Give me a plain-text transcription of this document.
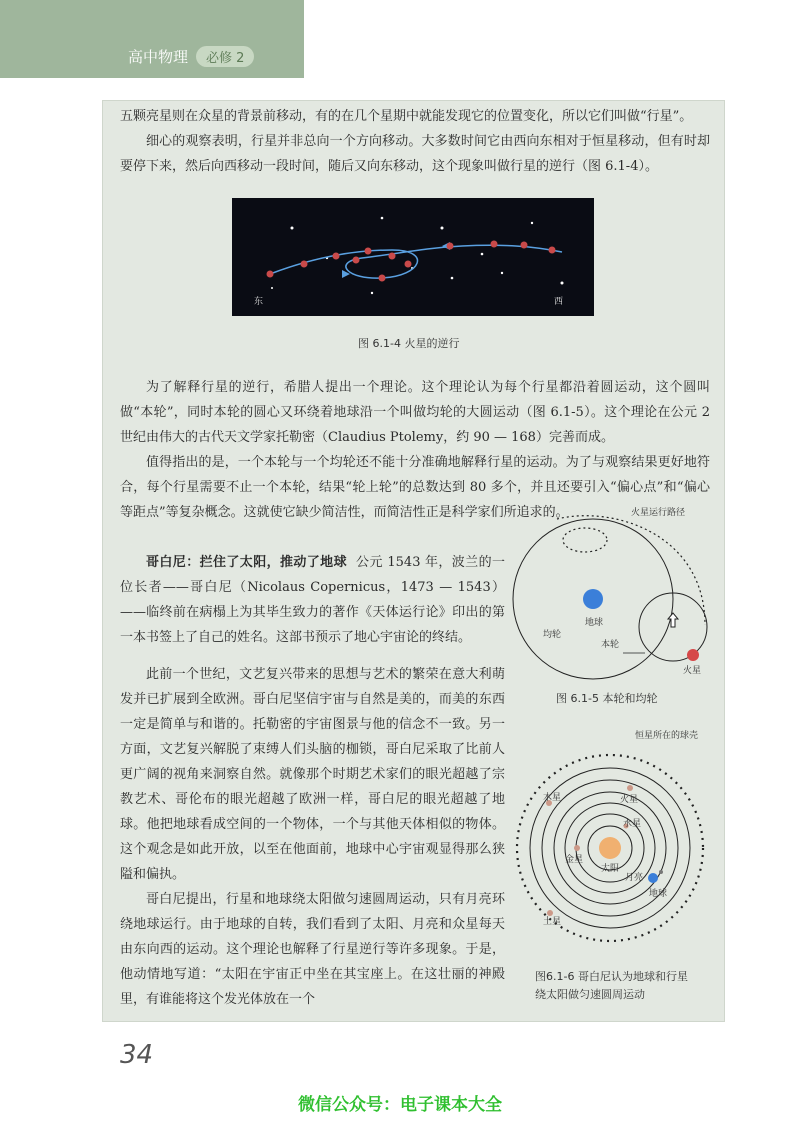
高中物理 必修 2

五颗亮星则在众星的背景前移动，有的在几个星期中就能发现它的位置变化，所以它们叫做“行星”。

细心的观察表明，行星并非总向一个方向移动。大多数时间它由西向东相对于恒星移动，但有时却要停下来，然后向西移动一段时间，随后又向东移动，这个现象叫做行星的逆行（图 6.1-4）。

东	西
图 6.1-4 火星的逆行

为了解释行星的逆行，希腊人提出一个理论。这个理论认为每个行星都沿着圆运动，这个圆叫做“本轮”，同时本轮的圆心又环绕着地球沿一个叫做均轮的大圆运动（图 6.1-5）。这个理论在公元 2 世纪由伟大的古代天文学家托勒密（Claudius Ptolemy，约 90 — 168）完善而成。

值得指出的是，一个本轮与一个均轮还不能十分准确地解释行星的运动。为了与观察结果更好地符合，每个行星需要不止一个本轮，结果“轮上轮”的总数达到 80 多个，并且还要引入“偏心点”和“偏心等距点”等复杂概念。这就使它缺少简洁性，而简洁性正是科学家们所追求的。

哥白尼：拦住了太阳，推动了地球 公元 1543 年，波兰的一位长者——哥白尼（Nicolaus Copernicus，1473 — 1543）——临终前在病榻上为其毕生致力的著作《天体运行论》印出的第一本书签上了自己的姓名。这部书预示了地心宇宙论的终结。

此前一个世纪，文艺复兴带来的思想与艺术的繁荣在意大利萌发并已扩展到全欧洲。哥白尼坚信宇宙与自然是美的，而美的东西一定是简单与和谐的。托勒密的宇宙图景与他的信念不一致。另一方面，文艺复兴解脱了束缚人们头脑的枷锁，哥白尼采取了比前人更广阔的视角来洞察自然。就像那个时期艺术家们的眼光超越了宗教艺术、哥伦布的眼光超越了欧洲一样，哥白尼的眼光超越了地球。他把地球看成空间的一个物体，一个与其他天体相似的物体。这个观念是如此开放，以至在他面前，地球中心宇宙观显得那么狭隘和偏执。

哥白尼提出，行星和地球绕太阳做匀速圆周运动，只有月亮环绕地球运行。由于地球的自转，我们看到了太阳、月亮和众星每天由东向西的运动。这个理论也解释了行星逆行等许多现象。于是，他动情地写道：“太阳在宇宙正中坐在其宝座上。在这壮丽的神殿里，有谁能将这个发光体放在一个

地球
均轮
本轮
火星
火星运行路径
图 6.1-5 本轮和均轮
恒星所在的球壳
木星	火星
水星
金星
太阳
月亮
地球
土星
图6.1-6 哥白尼认为地球和行星
绕太阳做匀速圆周运动
34
微信公众号：电子课本大全
